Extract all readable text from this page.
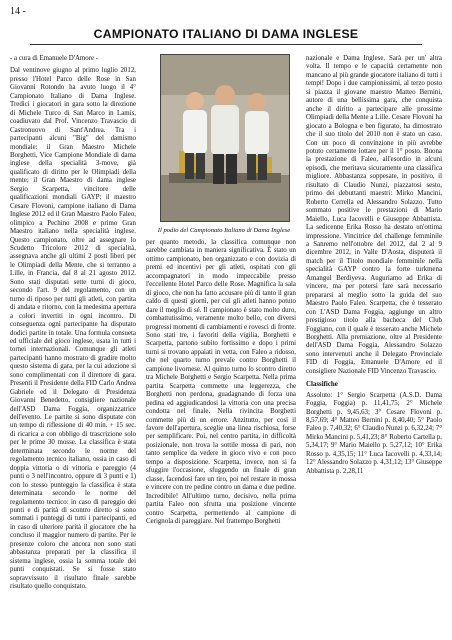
14 -
CAMPIONATO ITALIANO DI DAMA INGLESE

- a cura di Emanuele D'Amore -

Dal ventinove giugno al primo luglio 2012, presso l'Hotel Parco delle Rose in San Giovanni Rotondo ha avuto luogo il 4° Campionato Italiano di Dama Inglese. Tredici i giocatori in gara sotto la direzione di Michele Turco di San Marco in Lamis, coadiuvato dal Prof. Vincenzo Travascio di Castronuovo di Sant'Andrea. Tra i partecipanti alcuni "Big" del damismo mondiale: il Gran Maestro Michele Borghetti, Vice Campione Mondiale di dama inglese della specialità 3-move, già qualificato di diritto per le Olimpiadi della mente; il Gran Maestro di dama inglese Sergio Scarpetta, vincitore delle qualificazioni mondiali GAYP; il maestro Cesare Flovoni, campione italiano di Dama Inglese 2012 ed il Gran Maestro Paolo Faleo, olimpico a Pechino 2008 e primo Gran Maestro italiano nella specialità inglese. Questo campionato, oltre ad assegnare lo Scudetto Tricolore 2012 di specialità, assegnava anche gli ultimi 2 posti liberi per le Olimpiadi della Mente, che si terranno a Lille, in Francia, dal 8 al 21 agosto 2012. Sono stati disputati sette turni di gioco, secondo l'art. 9 del regolamento, con un turno di riposo per tutti gli atleti, con partita di andata e ritorno, con la medesima apertura a colori invertiti in ogni incontro. Di conseguenza ogni partecipante ha disputato dodici partite in totale. Una formula consueta ed ufficiale del gioco inglese, usata in tutti i tornei internazionali. Comunque gli atleti partecipanti hanno mostrato di gradire molto questo sistema di gara, per la cui adozione si sono complimentati con il direttore di gara. Presenti il Presidente della FID Carlo Andrea Gabriele ed il Delegato di Presidenza Giovanni Benedetto, consigliere nazionale dell'ASD Dama Foggia, organizzatrice dell'evento. Le partite si sono disputate con un tempo di riflessione di 40 min. + 15 sec. di ricarica a con obbligo di trascrizione solo per le prime 30 mosse. La classifica è stata determinata secondo le norme del regolamento tecnico italiano, ossia in caso di doppia vittoria o di vittoria e pareggio (4 punti o 3 nell'incontro, oppure di 3 punti e 1) con lo stesso punteggio la classifica è stata determinata secondo le norme del regolamento tecnico: in caso di pareggio dei punti e di parità di scontro diretto si sono sommati i punteggi di tutti i partecipanti, ed in caso di ulteriore parità il giocatore che ha concluso il maggior numero di partite. Per le presenze coloro che ancora non sono stati abbastanza preparati per la classifica il sistema inglese, ossia la somma totale dei punti conquistati. Se si fosse stato sopravvissuto il risultato finale sarebbe risultato quello conquistato.

Il podio del Campionato Italiano di Dama Inglese

per quanto metodo, la classifica comunque non sarebbe cambiata in maniera significativa. È stato un ottimo campionato, ben organizzato e con dovizia di premi ed incentivi per gli atleti, ospitati con gli accompagnatori in modo impeccabile presso l'eccellente Hotel Parco delle Rose. Magnifica la sala di gioco, che non ha fatto accusare più di tanto il gran caldo di questi giorni, per cui gli atleti hanno potuto dare il meglio di sé. Il campionato è stato molto duro, combattutissimo, veramente molto bello, con diversi progressi momenti di cambiamenti e rovesci di fronte. Sono stati tre, i favoriti della vigilia, Borghetti e Scarpetta, partono subito fortissimo e dopo i primi turni si trovano appaiati in vetta, con Faleo a ridosso, che nel quarto turno prevale contro Borghetti il campione livornese. Al quinto turno lo scontro diretto tra Michele Borghetti e Sergio Scarpetta. Nella prima partita Scarpetta commette una leggerezza, che Borghetti non perdona, guadagnando di forza una pedina ed aggiudicandosi la vittoria con una precisa condotta nel finale. Nella rivincita Borghetti commette più di un errore. Anzitutto, per così il favore dell'apertura, sceglie una linea rischiosa, forse per semplificare. Poi, nel centro partita, in difficoltà posizionale, non trova la sottile mossa di pari, non tanto semplice da vedere in gioco vivo e con poco tempo a disposizione. Scarpetta, invece, non si fa sfuggire l'occasione, sfuggendo un finale di gran classe, facendosi fare un tiro, poi nel restare in mossa e vincere con tre pedine contro un dama e due pedine. Incredibile! All'ultimo turno, decisivo, nella prima partita Faleo non sfrutta una posizione vincente contro Scarpetta, permettendo al campione di Cerignola di pareggiare. Nel frattempo Borghetti

nazionale e Dama Inglese. Sarà per un' altra volta. Il tempo e le capacità certamente non mancano al più grande giocatore italiano di tutti i tempi! Dopo i due campionissimi, al terzo posto si piazza il giovane maestro Matteo Bernini, autore di una bellissima gara, che conquista anche il diritto a partecipare alle prossime Olimpiadi della Mente a Lille. Cesare Flovoni ha giocato a Bologna e ben figurato, ha dimostrato che il suo titolo del 2010 non è stato un caso. Con un poco di convinzione in più avrebbe potuto certamente lottare per il 1° posto. Buona la prestazione di Faleo, all'esordio in alcuni episodi, che meritava sicuramente una classifica migliore. Abbastanza soppesate, in positivo, il risultato di Claudio Nunzi, piazzatosi sesto, primo dei debuttanti maestri: Mirko Mancini, Roberto Cerrella ed Alessandro Solazzo. Tutto sommato positive le prestazioni di Mario Maiello, Luca Iacovelli e Giuseppe Abbattista. La sedicenne Erika Rosso ha destato un'ottima impressione. Vincitrice del challenge femminile a Sanremo nell'ottobre del 2012, dal 2 al 9 dicembre 2012, in Valle D'Aosta, disputerà il match per il Titolo mondiale femminile nella specialità GAYP contro la forte turkmena Amangul Berdiyeva. Auguriamo ad Erika di vincere, ma per potersi fare sarà necessario prepararsi al meglio sotto la guida del suo Maestro Paolo Faleo. Scarpetta, che è tesserato con L'ASD Dama Foggia, aggiunge un altro prestigioso titolo alla bacheca del Club Foggiano, con il quale è tesserato anche Michele Borghetti. Alla premiazione, oltre al Presidente dell'ASD Dama Foggia, Alessandro Solazzo sono intervenuti anche il Delegato Provinciale FID di Foggia, Emanuele D'Amore ed il consigliere Nazionale FID Vincenzo Travascio.

Classifiche

Assoluto: 1° Sergio Scarpetta (A.S.D. Dama Foggia, Foggia) p. 11,41,75; 2° Michele Borghetti p. 9,45,63; 3° Cesare Flovoni p. 8,57,69; 4° Matteo Bernini p. 8,40,40; 5° Paolo Faleo p. 7,40,32; 6° Claudio Nunzi p. 6,32,24; 7° Mirko Mancini p. 5,41,23; 8° Roberto Cartella p. 5,34,17; 9° Mario Maiello p. 5,27,12; 10° Erika Rosso p. 4,35,15; 11° Luca Iacovelli p. 4,33,14; 12° Alessandro Solazzo p. 4,31,12; 13° Giuseppe Abbattista p. 2,28,11
